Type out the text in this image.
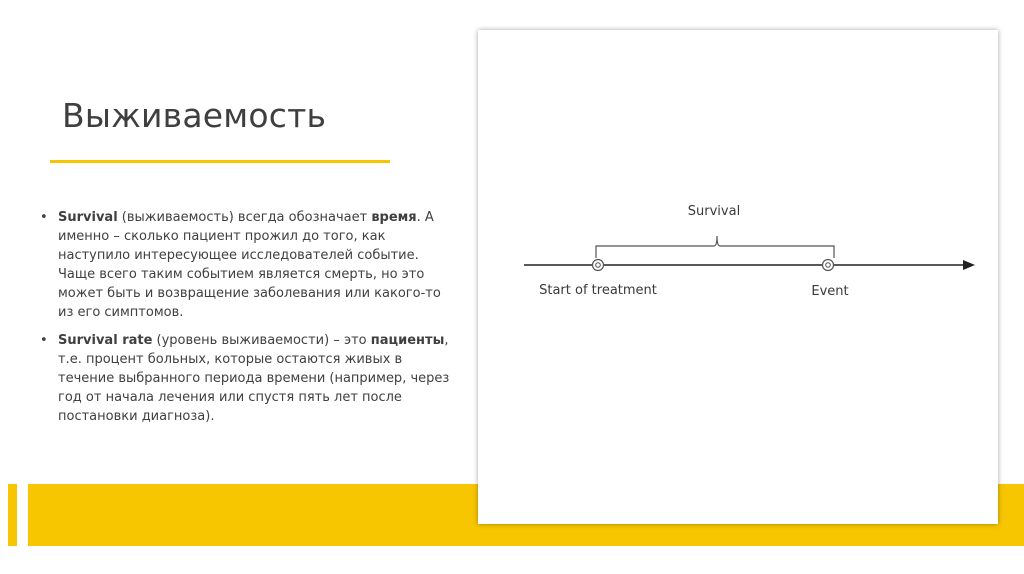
Выживаемость
• Survival (выживаемость) всегда обозначает время. А именно – сколько пациент прожил до того, как наступило интересующее исследователей событие. Чаще всего таким событием является смерть, но это может быть и возвращение заболевания или какого-то из его симптомов.
• Survival rate (уровень выживаемости) – это пациенты, т.е. процент больных, которые остаются живых в течение выбранного периода времени (например, через год от начала лечения или спустя пять лет после постановки диагноза).
Survival
Start of treatment	Event
